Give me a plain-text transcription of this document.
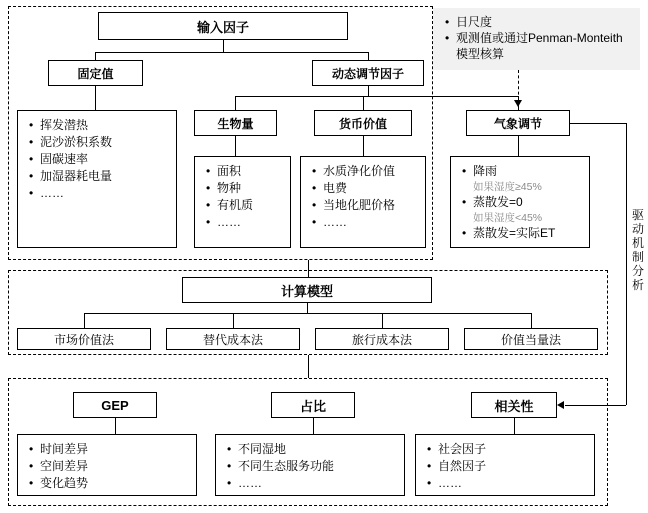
• 日尺度
• 观测值或通过Penman-Monteith 模型核算
输入因子
固定值	动态调节因子
• 挥发潜热
• 泥沙淤积系数
• 固碳速率
• 加湿器耗电量
• ……
生物量
• 面积
• 物种
• 有机质
• ……
货币价值
• 水质净化价值
• 电费
• 当地化肥价格
• ……
气象调节
• 降雨
如果湿度≥45%
• 蒸散发=0
如果湿度<45%
• 蒸散发=实际ET
计算模型
市场价值法	替代成本法	旅行成本法	价值当量法
GEP
• 时间差异
• 空间差异
• 变化趋势
占比
• 不同湿地
• 不同生态服务功能
• ……
相关性
• 社会因子
• 自然因子
• ……
驱动机制分析
